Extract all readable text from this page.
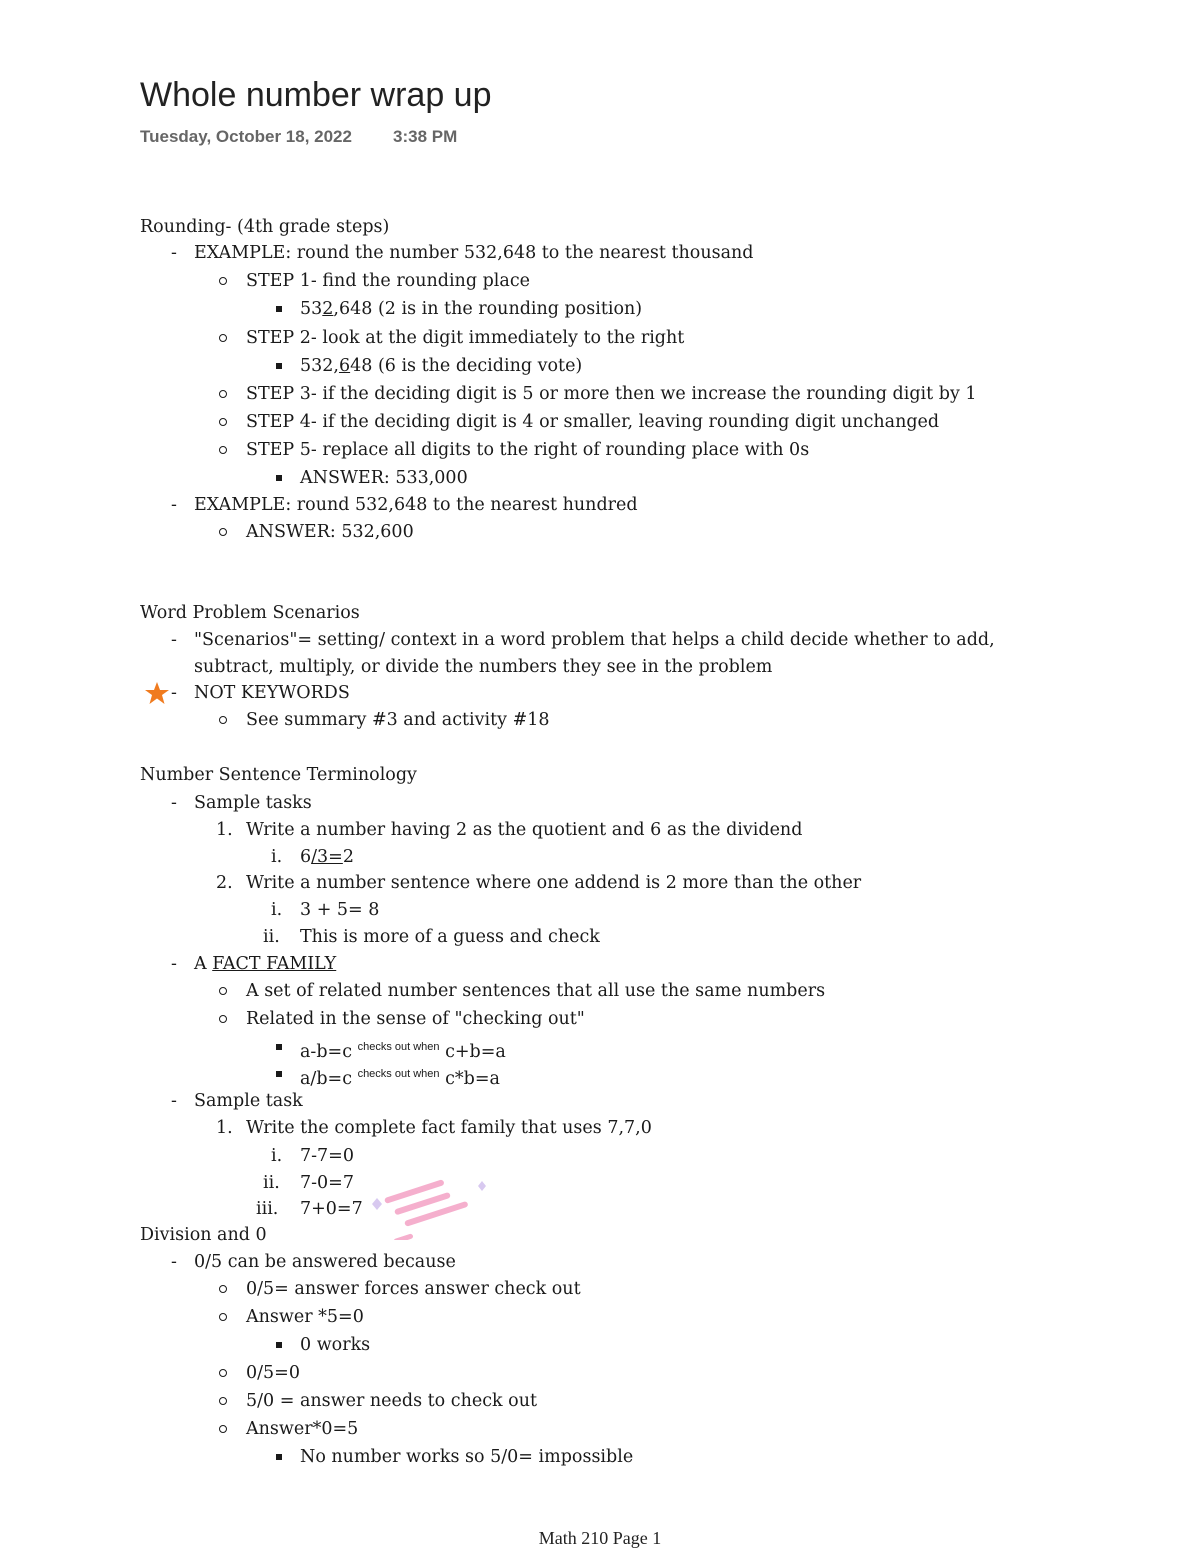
Whole number wrap up
Tuesday, October 18, 2022 3:38 PM
Rounding- (4th grade steps)
-
EXAMPLE: round the number 532,648 to the nearest thousand
STEP 1- find the rounding place
532,648 (2 is in the rounding position)
STEP 2- look at the digit immediately to the right
532,648 (6 is the deciding vote)
STEP 3- if the deciding digit is 5 or more then we increase the rounding digit by 1
STEP 4- if the deciding digit is 4 or smaller, leaving rounding digit unchanged
STEP 5- replace all digits to the right of rounding place with 0s
ANSWER: 533,000
-
EXAMPLE: round 532,648 to the nearest hundred
ANSWER: 532,600
Word Problem Scenarios
-
"Scenarios"= setting/ context in a word problem that helps a child decide whether to add,
subtract, multiply, or divide the numbers they see in the problem
-
NOT KEYWORDS
See summary #3 and activity #18
Number Sentence Terminology
-
Sample tasks
1. Write a number having 2 as the quotient and 6 as the dividend
i. 6/3=2
2. Write a number sentence where one addend is 2 more than the other
i. 3 + 5= 8
ii. This is more of a guess and check
-
A FACT FAMILY
A set of related number sentences that all use the same numbers
Related in the sense of "checking out"
a-b=c $^{checks out when}$ c+b=a
a/b=c $^{checks out when}$ c*b=a
-
Sample task
1. Write the complete fact family that uses 7,7,0
i. 7-7=0
ii. 7-0=7
iii. 7+0=7
Division and 0
-
0/5 can be answered because
0/5= answer forces answer check out
Answer *5=0
0 works
0/5=0
5/0 = answer needs to check out
Answer*0=5
No number works so 5/0= impossible
Math 210 Page 1
